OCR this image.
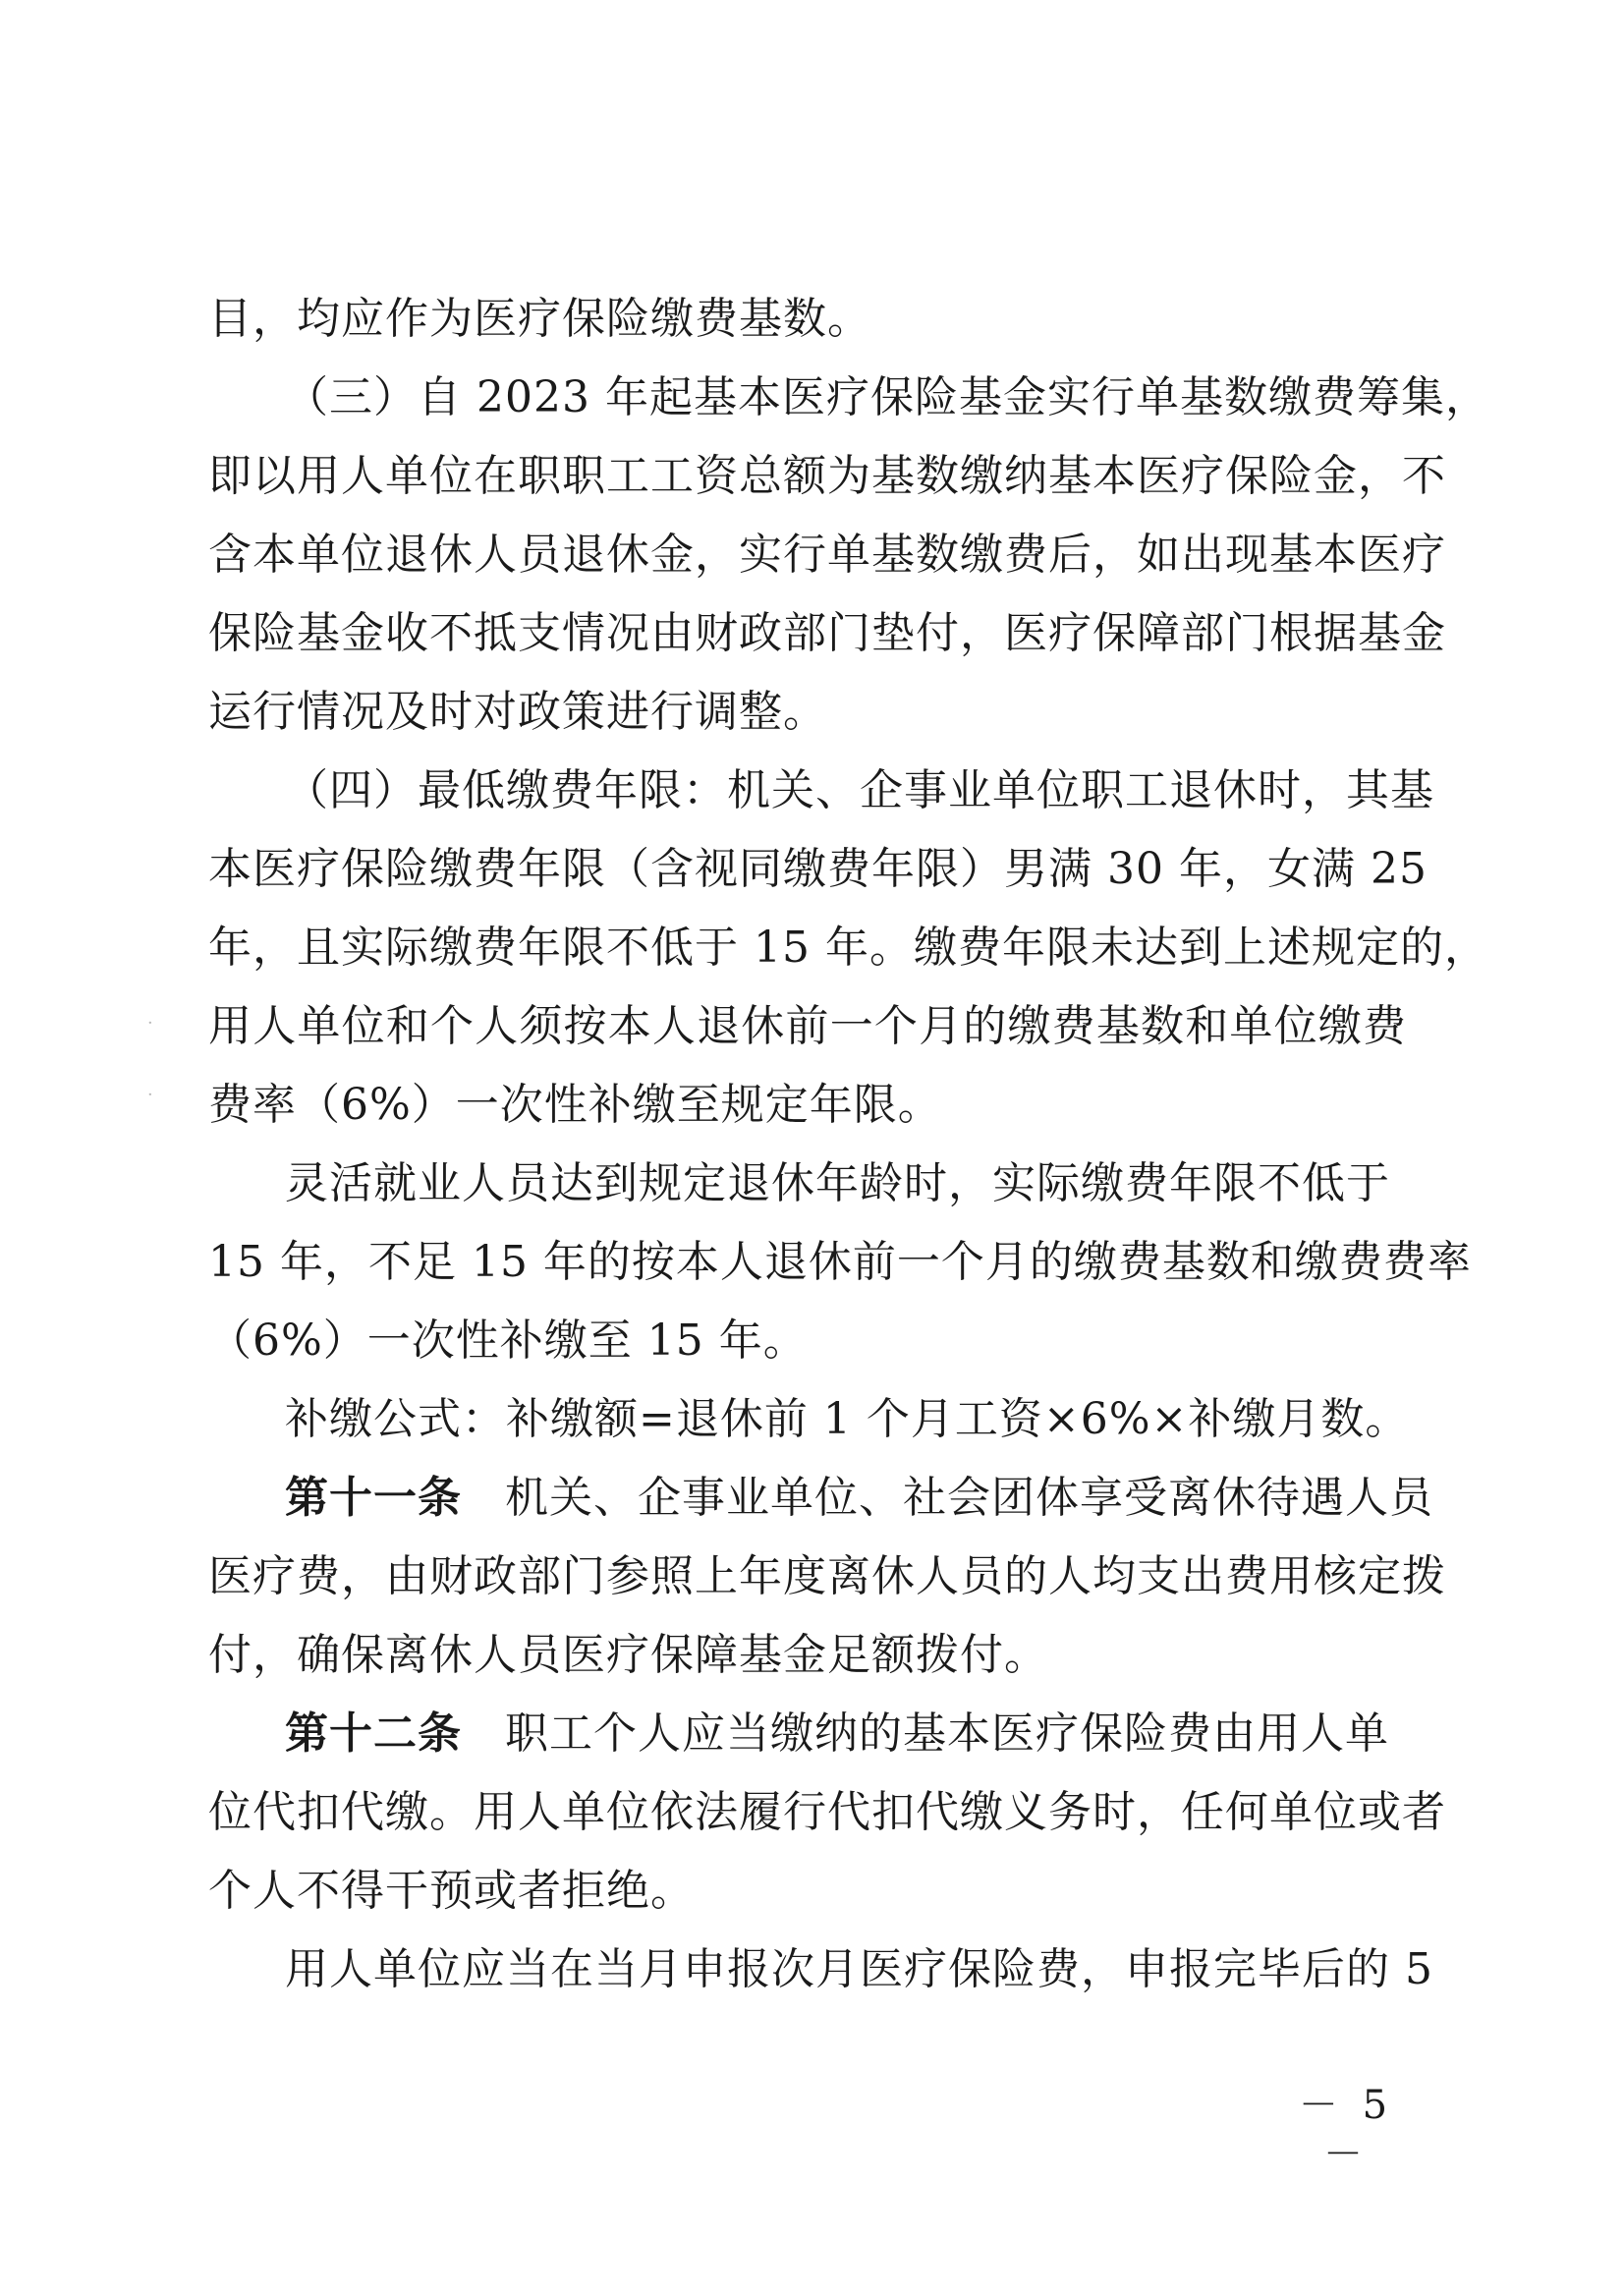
目，均应作为医疗保险缴费基数。
（三）自 2023 年起基本医疗保险基金实行单基数缴费筹集，
即以用人单位在职职工工资总额为基数缴纳基本医疗保险金，不
含本单位退休人员退休金，实行单基数缴费后，如出现基本医疗
保险基金收不抵支情况由财政部门垫付，医疗保障部门根据基金
运行情况及时对政策进行调整。
（四）最低缴费年限：机关、企事业单位职工退休时，其基
本医疗保险缴费年限（含视同缴费年限）男满 30 年，女满 25
年，且实际缴费年限不低于 15 年。缴费年限未达到上述规定的，
用人单位和个人须按本人退休前一个月的缴费基数和单位缴费
费率（6%）一次性补缴至规定年限。
灵活就业人员达到规定退休年龄时，实际缴费年限不低于
15 年，不足 15 年的按本人退休前一个月的缴费基数和缴费费率
（6%）一次性补缴至 15 年。
补缴公式：补缴额=退休前 1 个月工资×6%×补缴月数。
第十一条 机关、企事业单位、社会团体享受离休待遇人员
医疗费，由财政部门参照上年度离休人员的人均支出费用核定拨
付，确保离休人员医疗保障基金足额拨付。
第十二条 职工个人应当缴纳的基本医疗保险费由用人单
位代扣代缴。用人单位依法履行代扣代缴义务时，任何单位或者
个人不得干预或者拒绝。
用人单位应当在当月申报次月医疗保险费，申报完毕后的 5
·
·
－ 5 －
